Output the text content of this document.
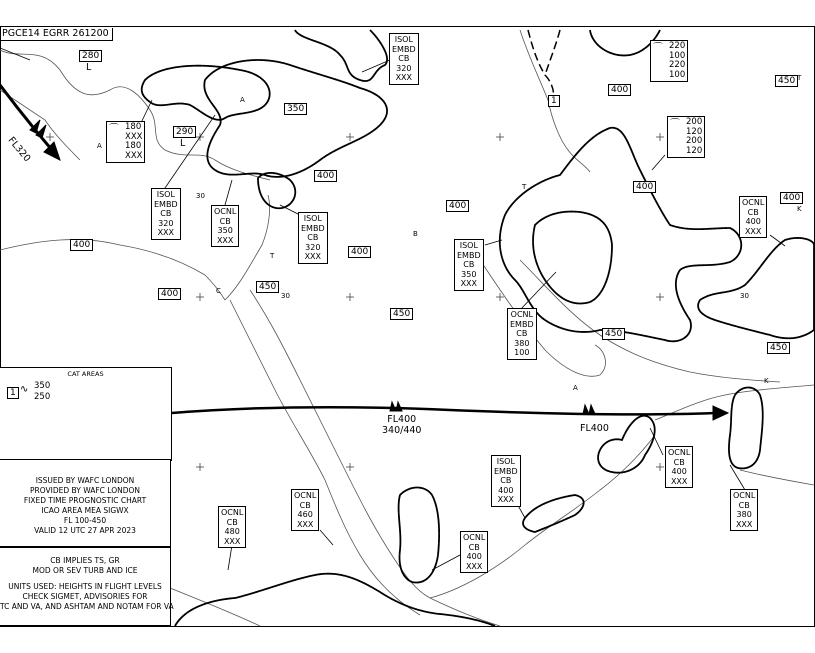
PGCE14 EGRR 261200
ISOL
EMBD
CB
320
XXX
ISOL
EMBD
CB
320
XXX
OCNL
CB
350
XXX
ISOL
EMBD
CB
320
XXX
ISOL
EMBD
CB
350
XXX
OCNL
EMBD
CB
380
100
OCNL
CB
400
XXX
OCNL
CB
400
XXX
OCNL
CB
380
XXX
ISOL
EMBD
CB
400
XXX
OCNL
CB
400
XXX
OCNL
CB
460
XXX
OCNL
CB
480
XXX
280
L
290
L
350
400
400
400
400
400
400
400
450
450
450
450
450
400
⌒ 180
XXX
180
XXX
⌒ 220
100
220
100
⌒ 200
120
200
120
1
FL320
FL400
340/440	FL400
A
A
A
B
C
T
T
T
K
K
30
30	30
CAT AREAS
1 ∿ 350
250
ISSUED BY WAFC LONDON
PROVIDED BY WAFC LONDON
FIXED TIME PROGNOSTIC CHART
ICAO AREA MEA SIGWX
FL 100-450
VALID 12 UTC 27 APR 2023
CB IMPLIES TS, GR
MOD OR SEV TURB AND ICE
UNITS USED: HEIGHTS IN FLIGHT LEVELS
CHECK SIGMET, ADVISORIES FOR
TC AND VA, AND ASHTAM AND NOTAM FOR VA
